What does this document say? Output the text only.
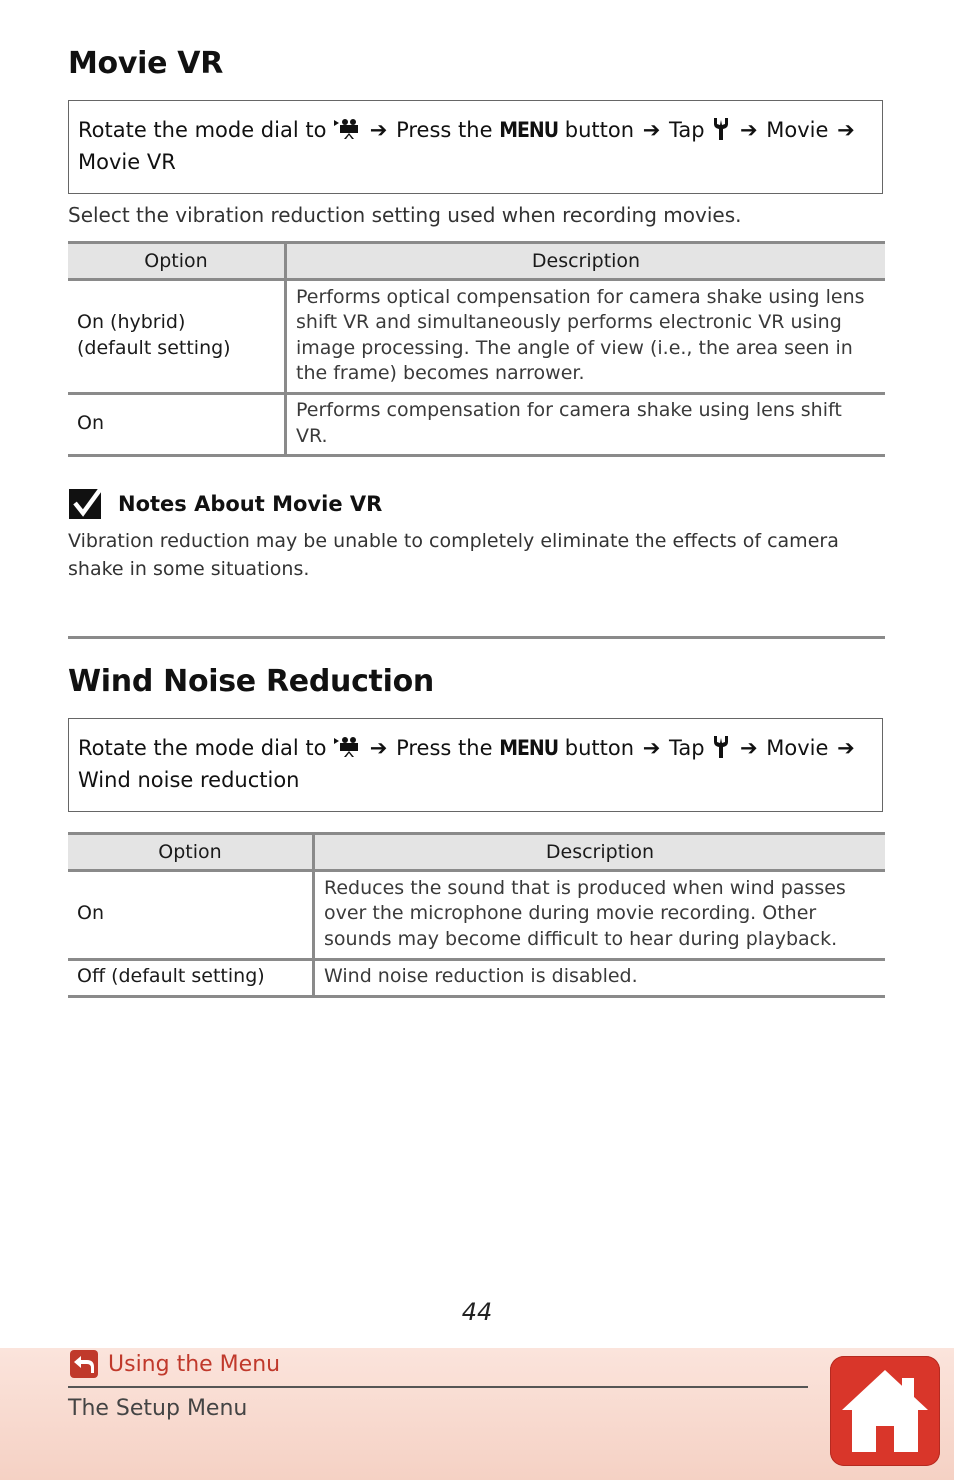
Movie VR
Rotate the mode dial to ➔ Press the MENU button ➔ Tap ➔ Movie ➔
Movie VR

Select the vibration reduction setting used when recording movies.

Option	Description
On (hybrid)
(default setting)	Performs optical compensation for camera shake using lens shift VR and simultaneously performs electronic VR using image processing. The angle of view (i.e., the area seen in the frame) becomes narrower.
On	Performs compensation for camera shake using lens shift VR.
Notes About Movie VR

Vibration reduction may be unable to completely eliminate the effects of camera shake in some situations.

Wind Noise Reduction
Rotate the mode dial to ➔ Press the MENU button ➔ Tap ➔ Movie ➔
Wind noise reduction
Option	Description
On	Reduces the sound that is produced when wind passes over the microphone during movie recording. Other sounds may become difficult to hear during playback.
Off (default setting)	Wind noise reduction is disabled.
44
Using the Menu
The Setup Menu
